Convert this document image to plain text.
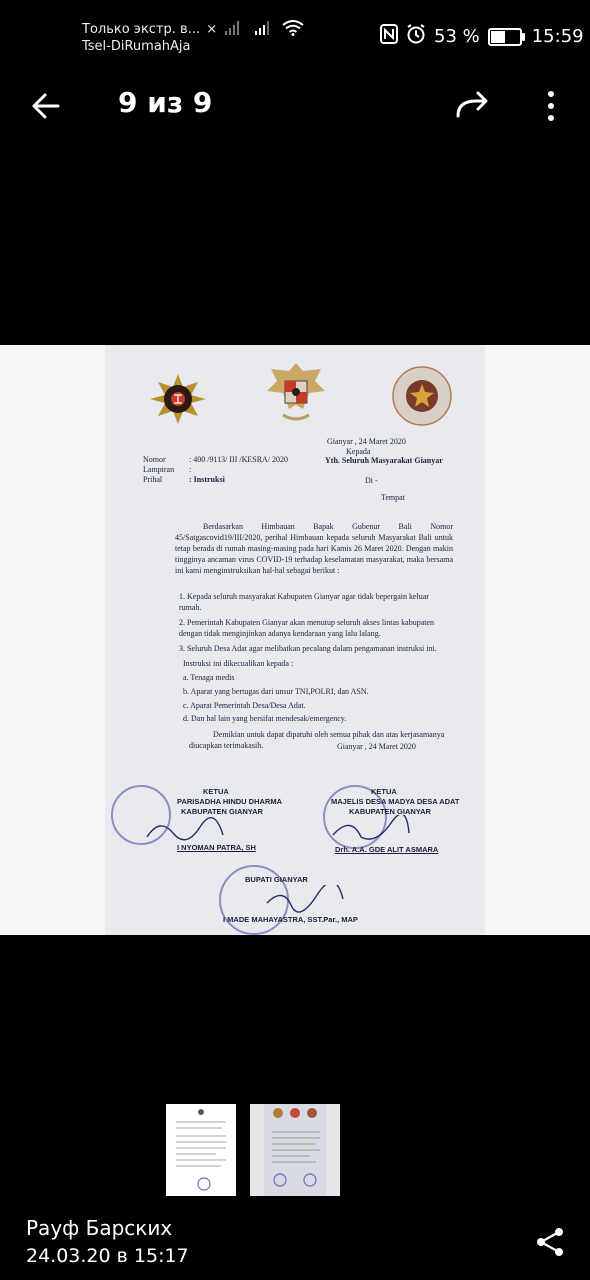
Только экстр. в... ×
Tsel-DiRumahAja	53 %	15:59
9 из 9
Gianyar , 24 Maret 2020
Kepada
Yth. Seluruh Masyarakat Gianyar
Di -
Tempat
Nomor	: 400 /9113/ III /KESRA/ 2020
Lampiran :
Prihal	: Instruksi
Berdasarkan Himbauan Bapak Gubenur Bali Nomor 45/Satgascovid19/III/2020, perihal Himbauan kepada seluruh Masyarakat Bali untuk tetap berada di rumah masing-masing pada hari Kamis 26 Maret 2020. Dengan makin tingginya ancaman virus COVID-19 terhadap keselamatan masyarakat, maka bersama ini kami menginstruksikan hal-hal sebagai berikut :
1. Kepada seluruh masyarakat Kabupaten Gianyar agar tidak bepergain keluar rumah.
2. Pemerintah Kabupaten Gianyar akan menutup seluruh akses lintas kabupaten dengan tidak menginjinkan adanya kendaraan yang lalu lalang.
3. Seluruh Desa Adat agar melibatkan pecalang dalam pengamanan instruksi ini.
Instruksi ini dikecualikan kepada :
a. Tenaga medis
b. Aparat yang bertugas dari unsur TNI,POLRI, dan ASN.
c. Aparat Pemerintah Desa/Desa Adat.
d. Dan hal lain yang bersifat mendesak/emergency.
Demikian untuk dapat dipatuhi oleh semua pihak dan atas kerjasamanya diucapkan terimakasih.	Gianyar , 24 Maret 2020
KETUA
PARISADHA HINDU DHARMA
KABUPATEN GIANYAR
I NYOMAN PATRA, SH
KETUA
MAJELIS DESA MADYA DESA ADAT
KABUPATEN GIANYAR
Drh. A.A. GDE ALIT ASMARA
BUPATI GIANYAR
I MADE MAHAYASTRA, SST.Par., MAP
Рауф Барских
24.03.20 в 15:17
